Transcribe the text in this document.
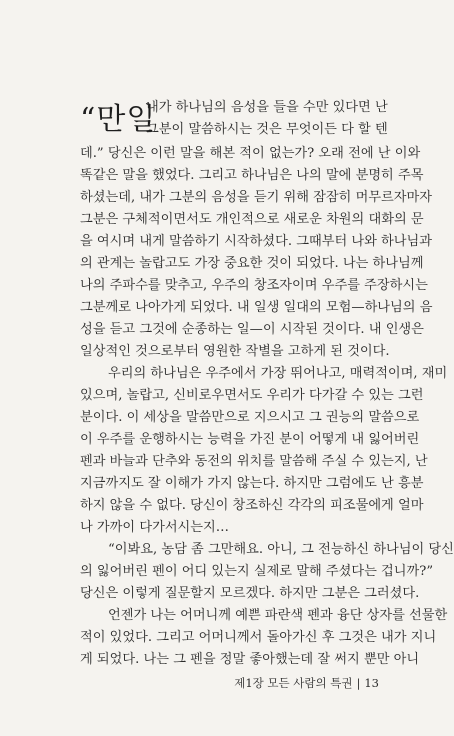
“만일
내가 하나님의 음성을 들을 수만 있다면 난
그분이 말씀하시는 것은 무엇이든 다 할 텐
데.” 당신은 이런 말을 해본 적이 없는가? 오래 전에 난 이와
똑같은 말을 했었다. 그리고 하나님은 나의 말에 분명히 주목
하셨는데, 내가 그분의 음성을 듣기 위해 잠잠히 머무르자마자
그분은 구체적이면서도 개인적으로 새로운 차원의 대화의 문
을 여시며 내게 말씀하기 시작하셨다. 그때부터 나와 하나님과
의 관계는 놀랍고도 가장 중요한 것이 되었다. 나는 하나님께
나의 주파수를 맞추고, 우주의 창조자이며 우주를 주장하시는
그분께로 나아가게 되었다. 내 일생 일대의 모험—하나님의 음
성을 듣고 그것에 순종하는 일—이 시작된 것이다. 내 인생은
일상적인 것으로부터 영원한 작별을 고하게 된 것이다.
우리의 하나님은 우주에서 가장 뛰어나고, 매력적이며, 재미
있으며, 놀랍고, 신비로우면서도 우리가 다가갈 수 있는 그런
분이다. 이 세상을 말씀만으로 지으시고 그 권능의 말씀으로
이 우주를 운행하시는 능력을 가진 분이 어떻게 내 잃어버린
펜과 바늘과 단추와 동전의 위치를 말씀해 주실 수 있는지, 난
지금까지도 잘 이해가 가지 않는다. 하지만 그럼에도 난 흥분
하지 않을 수 없다. 당신이 창조하신 각각의 피조물에게 얼마
나 가까이 다가서시는지…
“이봐요, 농담 좀 그만해요. 아니, 그 전능하신 하나님이 당신
의 잃어버린 펜이 어디 있는지 실제로 말해 주셨다는 겁니까?”
당신은 이렇게 질문할지 모르겠다. 하지만 그분은 그러셨다.
언젠가 나는 어머니께 예쁜 파란색 펜과 융단 상자를 선물한
적이 있었다. 그리고 어머니께서 돌아가신 후 그것은 내가 지니
게 되었다. 나는 그 펜을 정말 좋아했는데 잘 써지 뿐만 아니
제1장 모든 사람의 특권 | 13
